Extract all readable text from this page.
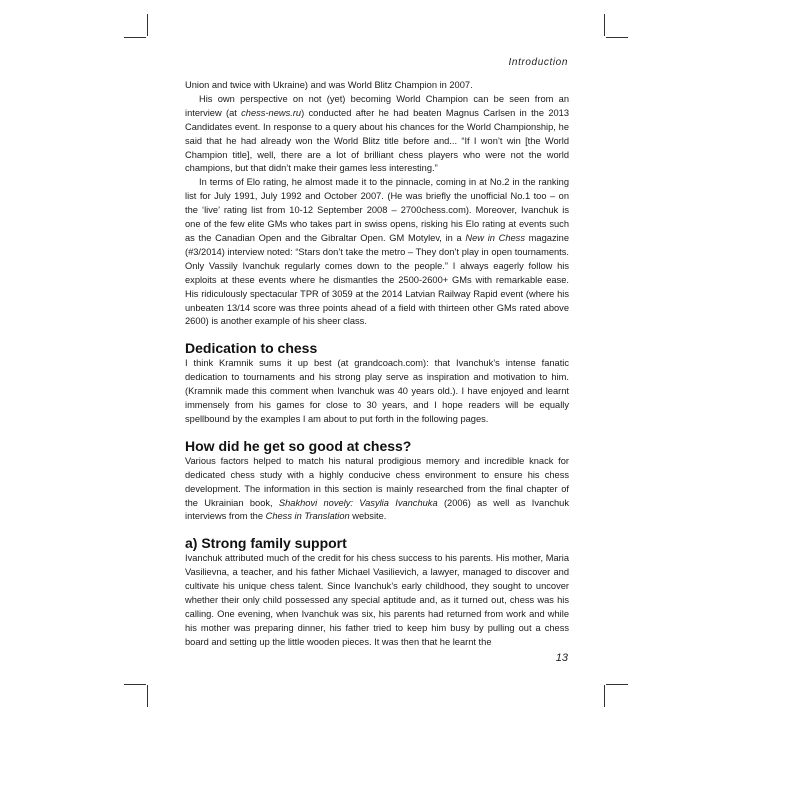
Introduction

Union and twice with Ukraine) and was World Blitz Champion in 2007.

His own perspective on not (yet) becoming World Champion can be seen from an interview (at chess-news.ru) conducted after he had beaten Magnus Carlsen in the 2013 Candidates event. In response to a query about his chances for the World Championship, he said that he had already won the World Blitz title before and... “If I won’t win [the World Champion title], well, there are a lot of brilliant chess players who were not the world champions, but that didn’t make their games less interesting.”

In terms of Elo rating, he almost made it to the pinnacle, coming in at No.2 in the ranking list for July 1991, July 1992 and October 2007. (He was briefly the unofficial No.1 too – on the ‘live’ rating list from 10-12 September 2008 – 2700chess.com). Moreover, Ivanchuk is one of the few elite GMs who takes part in swiss opens, risking his Elo rating at events such as the Canadian Open and the Gibraltar Open. GM Motylev, in a New in Chess magazine (#3/2014) interview noted: “Stars don’t take the metro – They don’t play in open tournaments. Only Vassily Ivanchuk regularly comes down to the people.” I always eagerly follow his exploits at these events where he dismantles the 2500-2600+ GMs with remarkable ease. His ridiculously spectacular TPR of 3059 at the 2014 Latvian Railway Rapid event (where his unbeaten 13/14 score was three points ahead of a field with thirteen other GMs rated above 2600) is another example of his sheer class.

Dedication to chess

I think Kramnik sums it up best (at grandcoach.com): that Ivanchuk’s intense fanatic dedication to tournaments and his strong play serve as inspiration and motivation to him. (Kramnik made this comment when Ivanchuk was 40 years old.). I have enjoyed and learnt immensely from his games for close to 30 years, and I hope readers will be equally spellbound by the examples I am about to put forth in the following pages.

How did he get so good at chess?

Various factors helped to match his natural prodigious memory and incredible knack for dedicated chess study with a highly conducive chess environment to ensure his chess development. The information in this section is mainly researched from the final chapter of the Ukrainian book, Shakhovi novely: Vasylia Ivanchuka (2006) as well as Ivanchuk interviews from the Chess in Translation website.

a) Strong family support

Ivanchuk attributed much of the credit for his chess success to his parents. His mother, Maria Vasilievna, a teacher, and his father Michael Vasilievich, a lawyer, managed to discover and cultivate his unique chess talent. Since Ivanchuk’s early childhood, they sought to uncover whether their only child possessed any special aptitude and, as it turned out, chess was his calling. One evening, when Ivanchuk was six, his parents had returned from work and while his mother was preparing dinner, his father tried to keep him busy by pulling out a chess board and setting up the little wooden pieces. It was then that he learnt the

13
